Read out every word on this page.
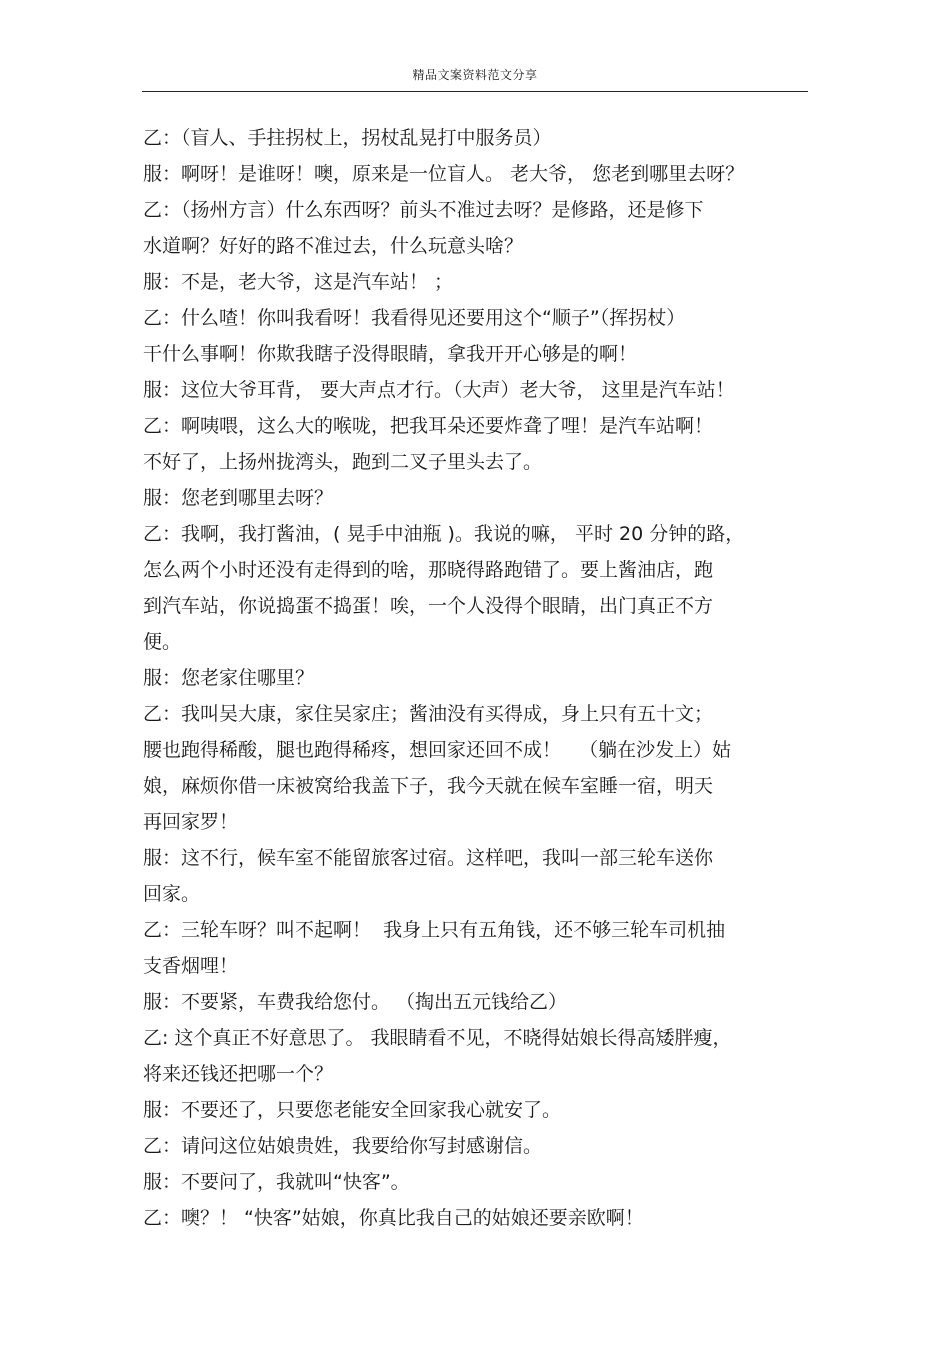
精品文案资料范文分享
乙：（盲人、手拄拐杖上，拐杖乱晃打中服务员）
服：啊呀！是谁呀！噢，原来是一位盲人。 老大爷， 您老到哪里去呀？
乙：（扬州方言）什么东西呀？前头不准过去呀？是修路，还是修下
水道啊？好好的路不准过去，什么玩意头啥？
服：不是，老大爷，这是汽车站！ ；
乙：什么喳！你叫我看呀！我看得见还要用这个“顺子”（挥拐杖）
干什么事啊！你欺我瞎子没得眼睛，拿我开开心够是的啊！
服：这位大爷耳背， 要大声点才行。（大声）老大爷， 这里是汽车站！
乙：啊咦喂，这么大的喉咙，把我耳朵还要炸聋了哩！是汽车站啊！
不好了，上扬州拢湾头，跑到二叉子里头去了。
服：您老到哪里去呀？
乙：我啊，我打酱油，( 晃手中油瓶 )。我说的嘛， 平时 20 分钟的路，
怎么两个小时还没有走得到的啥，那晓得路跑错了。要上酱油店，跑
到汽车站，你说捣蛋不捣蛋！唉，一个人没得个眼睛，出门真正不方
便。
服：您老家住哪里？
乙：我叫吴大康，家住吴家庄；酱油没有买得成，身上只有五十文；
腰也跑得稀酸，腿也跑得稀疼，想回家还回不成！   （躺在沙发上）姑
娘，麻烦你借一床被窝给我盖下子，我今天就在候车室睡一宿，明天
再回家罗！
服：这不行，候车室不能留旅客过宿。这样吧，我叫一部三轮车送你
回家。
乙：三轮车呀？叫不起啊！  我身上只有五角钱，还不够三轮车司机抽
支香烟哩！
服：不要紧，车费我给您付。 （掏出五元钱给乙）
乙: 这个真正不好意思了。 我眼睛看不见，不晓得姑娘长得高矮胖瘦，
将来还钱还把哪一个？
服：不要还了，只要您老能安全回家我心就安了。
乙：请问这位姑娘贵姓，我要给你写封感谢信。
服：不要问了，我就叫“快客”。
乙：噢？！ “快客”姑娘，你真比我自己的姑娘还要亲欧啊！
